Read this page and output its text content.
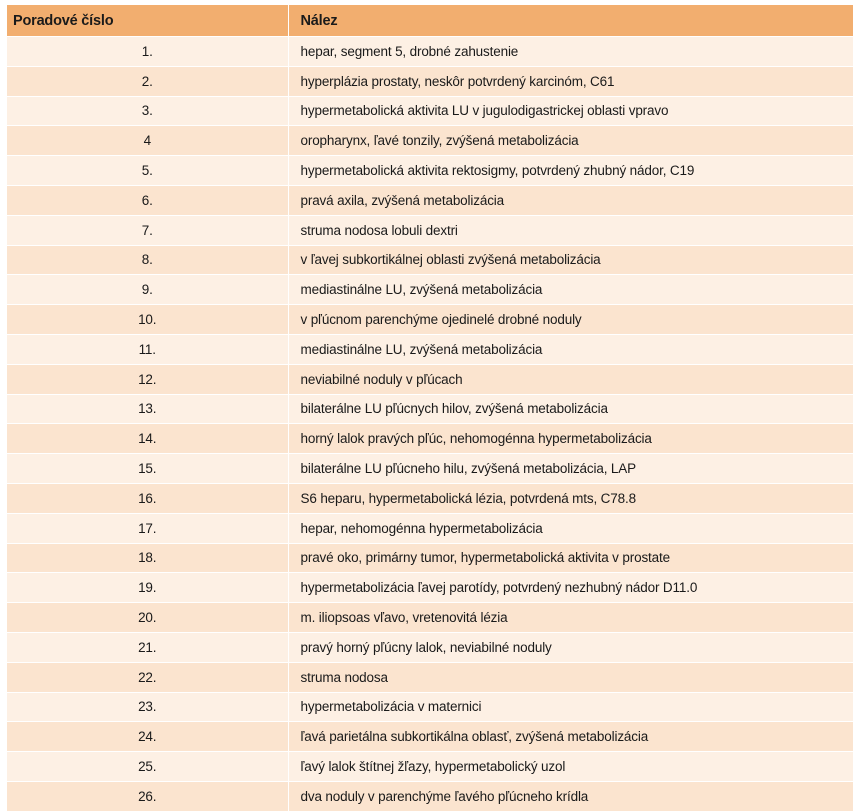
Poradové číslo	Nález
1.	hepar, segment 5, drobné zahustenie
2.	hyperplázia prostaty, neskôr potvrdený karcinóm, C61
3.	hypermetabolická aktivita LU v jugulodigastrickej oblasti vpravo
4	oropharynx, ľavé tonzily, zvýšená metabolizácia
5.	hypermetabolická aktivita rektosigmy, potvrdený zhubný nádor, C19
6.	pravá axila, zvýšená metabolizácia
7.	struma nodosa lobuli dextri
8.	v ľavej subkortikálnej oblasti zvýšená metabolizácia
9.	mediastinálne LU, zvýšená metabolizácia
10.	v pľúcnom parenchýme ojedinelé drobné noduly
11.	mediastinálne LU, zvýšená metabolizácia
12.	neviabilné noduly v pľúcach
13.	bilaterálne LU pľúcnych hilov, zvýšená metabolizácia
14.	horný lalok pravých pľúc, nehomogénna hypermetabolizácia
15.	bilaterálne LU pľúcneho hilu, zvýšená metabolizácia, LAP
16.	S6 heparu, hypermetabolická lézia, potvrdená mts, C78.8
17.	hepar, nehomogénna hypermetabolizácia
18.	pravé oko, primárny tumor, hypermetabolická aktivita v prostate
19.	hypermetabolizácia ľavej parotídy, potvrdený nezhubný nádor D11.0
20.	m. iliopsoas vľavo, vretenovitá lézia
21.	pravý horný pľúcny lalok, neviabilné noduly
22.	struma nodosa
23.	hypermetabolizácia v maternici
24.	ľavá parietálna subkortikálna oblasť, zvýšená metabolizácia
25.	ľavý lalok štítnej žľazy, hypermetabolický uzol
26.	dva noduly v parenchýme ľavého pľúcneho krídla
